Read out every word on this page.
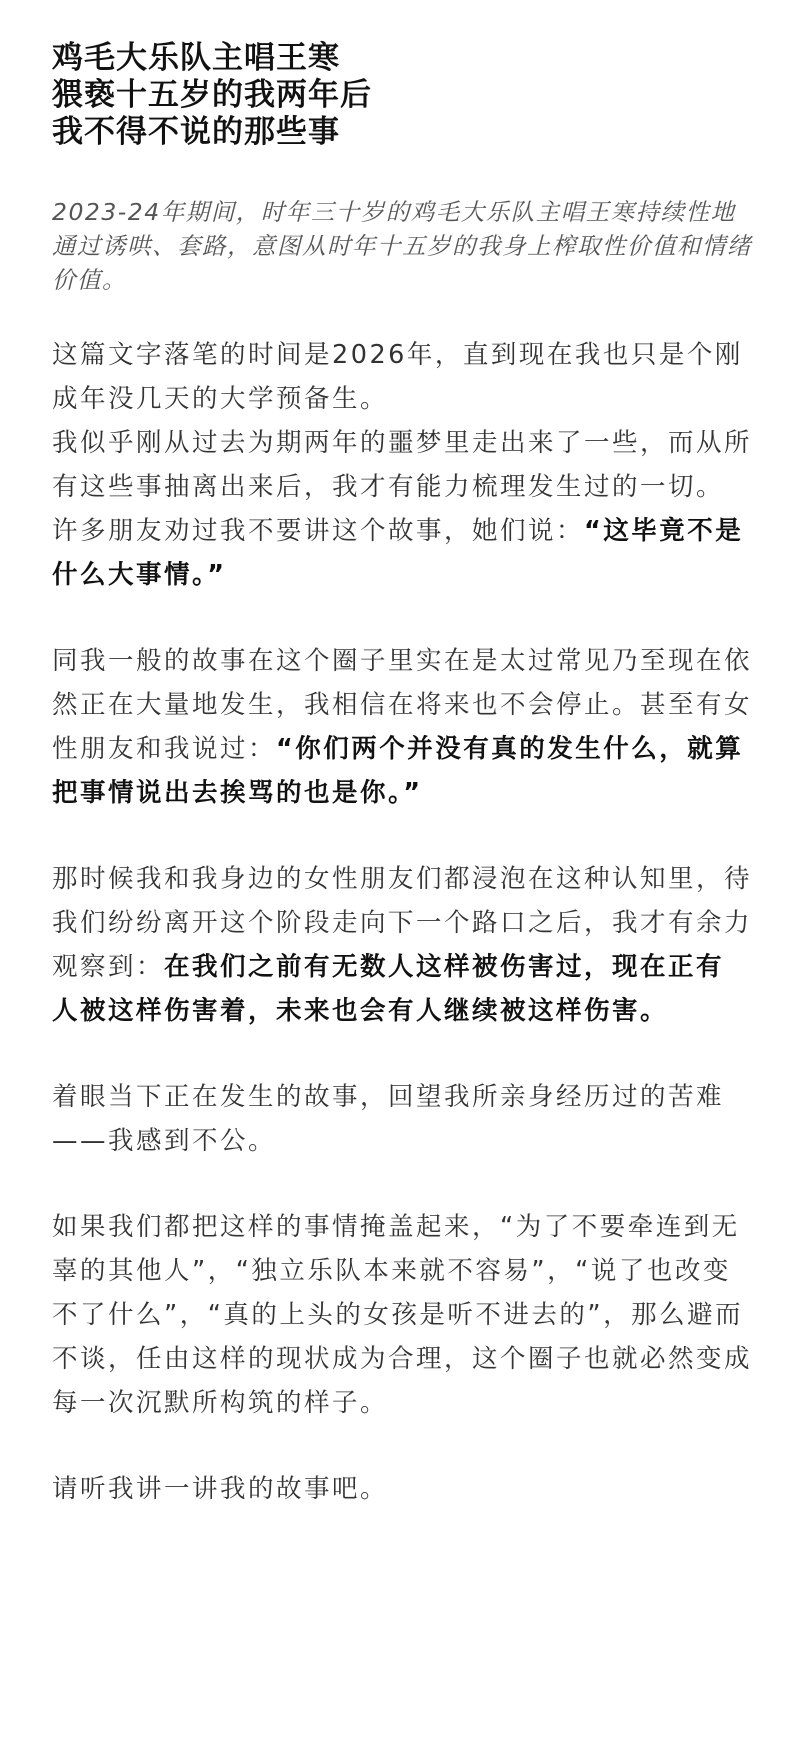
鸡毛大乐队主唱王寒
猥亵十五岁的我两年后
我不得不说的那些事

2023-24年期间，时年三十岁的鸡毛大乐队主唱王寒持续性地通过诱哄、套路，意图从时年十五岁的我身上榨取性价值和情绪价值。

这篇文字落笔的时间是2026年，直到现在我也只是个刚成年没几天的大学预备生。

我似乎刚从过去为期两年的噩梦里走出来了一些，而从所有这些事抽离出来后，我才有能力梳理发生过的一切。

许多朋友劝过我不要讲这个故事，她们说：“这毕竟不是什么大事情。”

同我一般的故事在这个圈子里实在是太过常见乃至现在依然正在大量地发生，我相信在将来也不会停止。甚至有女性朋友和我说过：“你们两个并没有真的发生什么，就算把事情说出去挨骂的也是你。”

那时候我和我身边的女性朋友们都浸泡在这种认知里，待我们纷纷离开这个阶段走向下一个路口之后，我才有余力观察到：在我们之前有无数人这样被伤害过，现在正有人被这样伤害着，未来也会有人继续被这样伤害。

着眼当下正在发生的故事，回望我所亲身经历过的苦难——我感到不公。

如果我们都把这样的事情掩盖起来，“为了不要牵连到无辜的其他人”，“独立乐队本来就不容易”，“说了也改变不了什么”，“真的上头的女孩是听不进去的”，那么避而不谈，任由这样的现状成为合理，这个圈子也就必然变成每一次沉默所构筑的样子。

请听我讲一讲我的故事吧。
